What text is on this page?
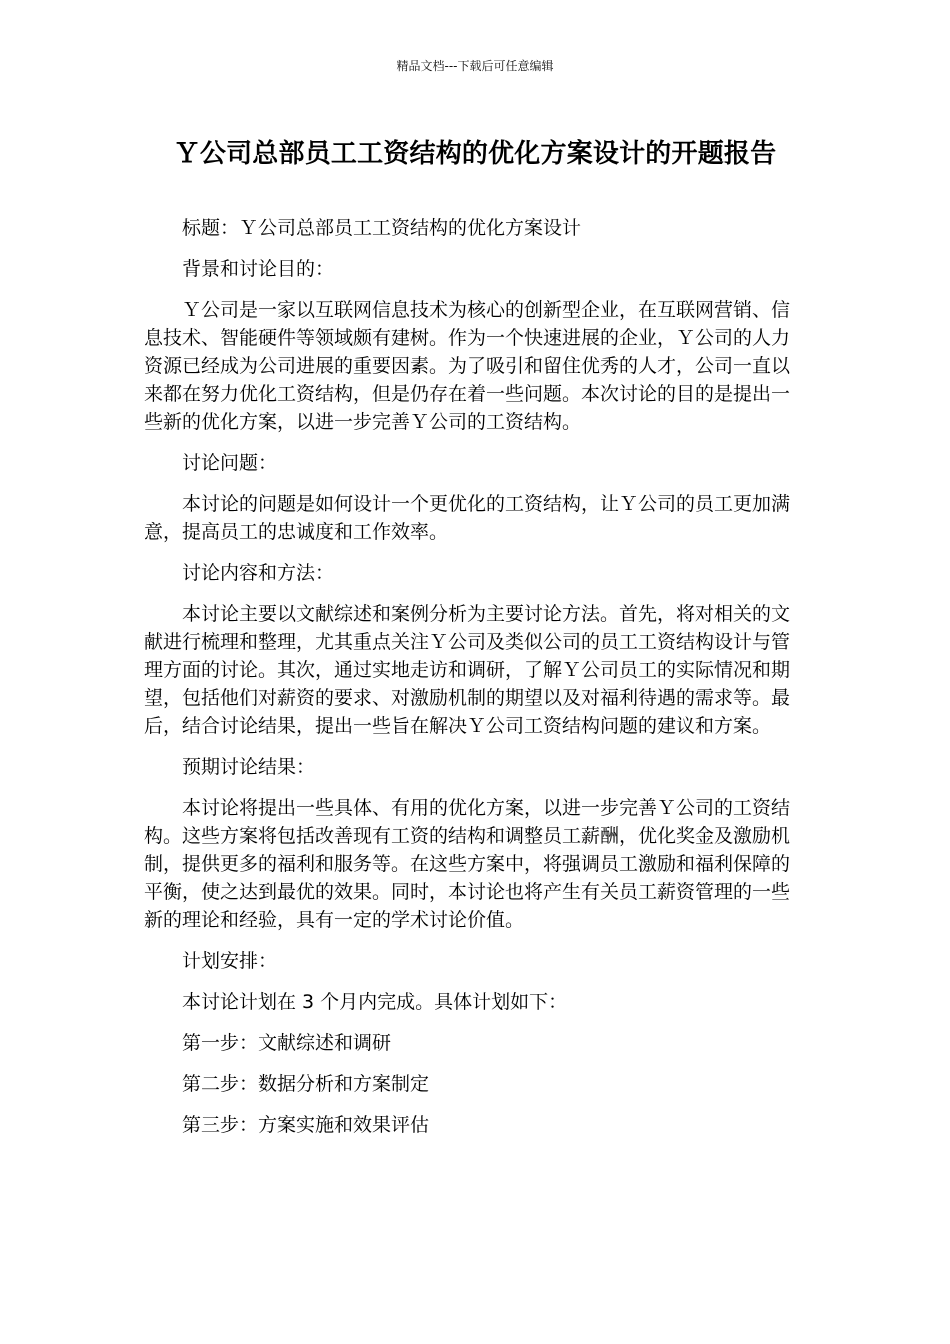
精品文档---下载后可任意编辑
Ｙ公司总部员工工资结构的优化方案设计的开题报告

标题：Ｙ公司总部员工工资结构的优化方案设计

背景和讨论目的：

Ｙ公司是一家以互联网信息技术为核心的创新型企业，在互联网营销、信息技术、智能硬件等领域颇有建树。作为一个快速进展的企业，Ｙ公司的人力资源已经成为公司进展的重要因素。为了吸引和留住优秀的人才，公司一直以来都在努力优化工资结构，但是仍存在着一些问题。本次讨论的目的是提出一些新的优化方案，以进一步完善Ｙ公司的工资结构。

讨论问题：

本讨论的问题是如何设计一个更优化的工资结构，让Ｙ公司的员工更加满意，提高员工的忠诚度和工作效率。

讨论内容和方法：

本讨论主要以文献综述和案例分析为主要讨论方法。首先，将对相关的文献进行梳理和整理，尤其重点关注Ｙ公司及类似公司的员工工资结构设计与管理方面的讨论。其次，通过实地走访和调研，了解Ｙ公司员工的实际情况和期望，包括他们对薪资的要求、对激励机制的期望以及对福利待遇的需求等。最后，结合讨论结果，提出一些旨在解决Ｙ公司工资结构问题的建议和方案。

预期讨论结果：

本讨论将提出一些具体、有用的优化方案，以进一步完善Ｙ公司的工资结构。这些方案将包括改善现有工资的结构和调整员工薪酬，优化奖金及激励机制，提供更多的福利和服务等。在这些方案中，将强调员工激励和福利保障的平衡，使之达到最优的效果。同时，本讨论也将产生有关员工薪资管理的一些新的理论和经验，具有一定的学术讨论价值。

计划安排：

本讨论计划在 3 个月内完成。具体计划如下：

第一步：文献综述和调研

第二步：数据分析和方案制定

第三步：方案实施和效果评估
